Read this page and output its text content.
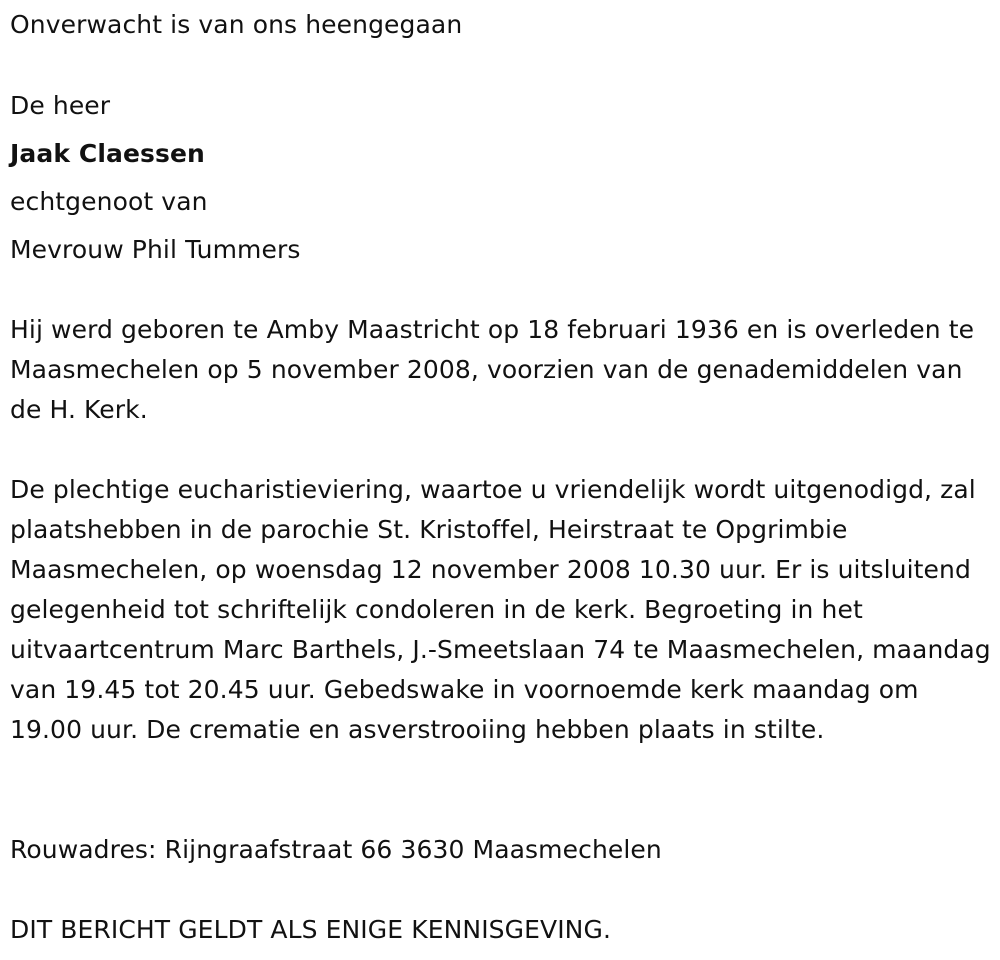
Onverwacht is van ons heengegaan
De heer
Jaak Claessen
echtgenoot van
Mevrouw Phil Tummers
Hij werd geboren te Amby Maastricht op 18 februari 1936 en is overleden te Maasmechelen op 5 november 2008, voorzien van de genademiddelen van de H. Kerk.
De plechtige eucharistieviering, waartoe u vriendelijk wordt uitgenodigd, zal plaatshebben in de parochie St. Kristoffel, Heirstraat te Opgrimbie Maasmechelen, op woensdag 12 november 2008 10.30 uur. Er is uitsluitend gelegenheid tot schriftelijk condoleren in de kerk. Begroeting in het uitvaartcentrum Marc Barthels, J.-Smeetslaan 74 te Maasmechelen, maandag van 19.45 tot 20.45 uur. Gebedswake in voornoemde kerk maandag om 19.00 uur. De crematie en asverstrooiing hebben plaats in stilte.
Rouwadres: Rijngraafstraat 66 3630 Maasmechelen
DIT BERICHT GELDT ALS ENIGE KENNISGEVING.
